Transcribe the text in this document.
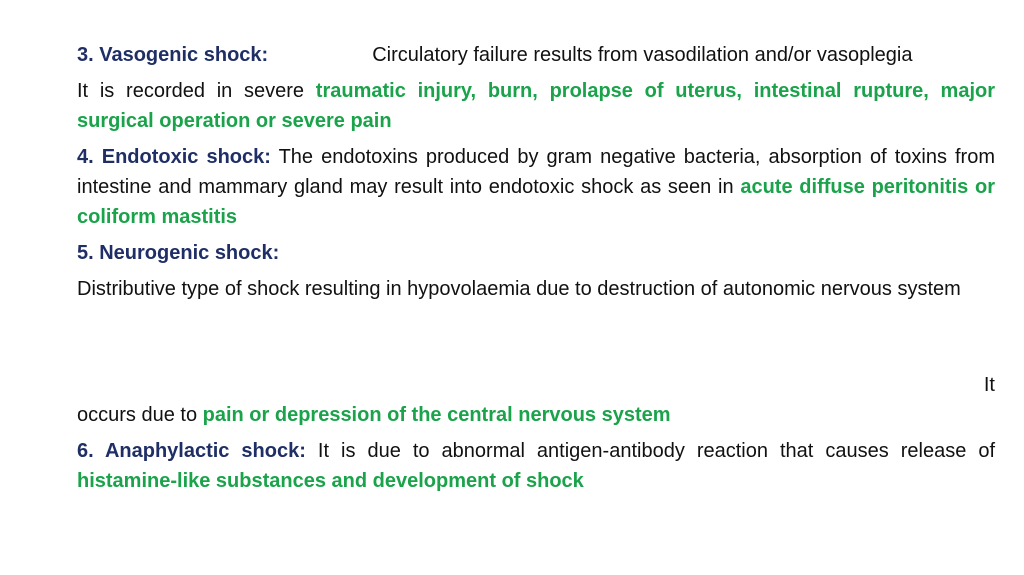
3. Vasogenic shock:	Circulatory failure results from vasodilation and/or vasoplegia

It is recorded in severe traumatic injury, burn, prolapse of uterus, intestinal rupture, major surgical operation or severe pain

4. Endotoxic shock: The endotoxins produced by gram negative bacteria, absorption of toxins from intestine and mammary gland may result into endotoxic shock as seen in acute diffuse peritonitis or coliform mastitis

5. Neurogenic shock:

Distributive type of shock resulting in hypovolaemia due to destruction of autonomic nervous system

It

occurs due to pain or depression of the central nervous system

6. Anaphylactic shock: It is due to abnormal antigen-antibody reaction that causes release of histamine-like substances and development of shock
